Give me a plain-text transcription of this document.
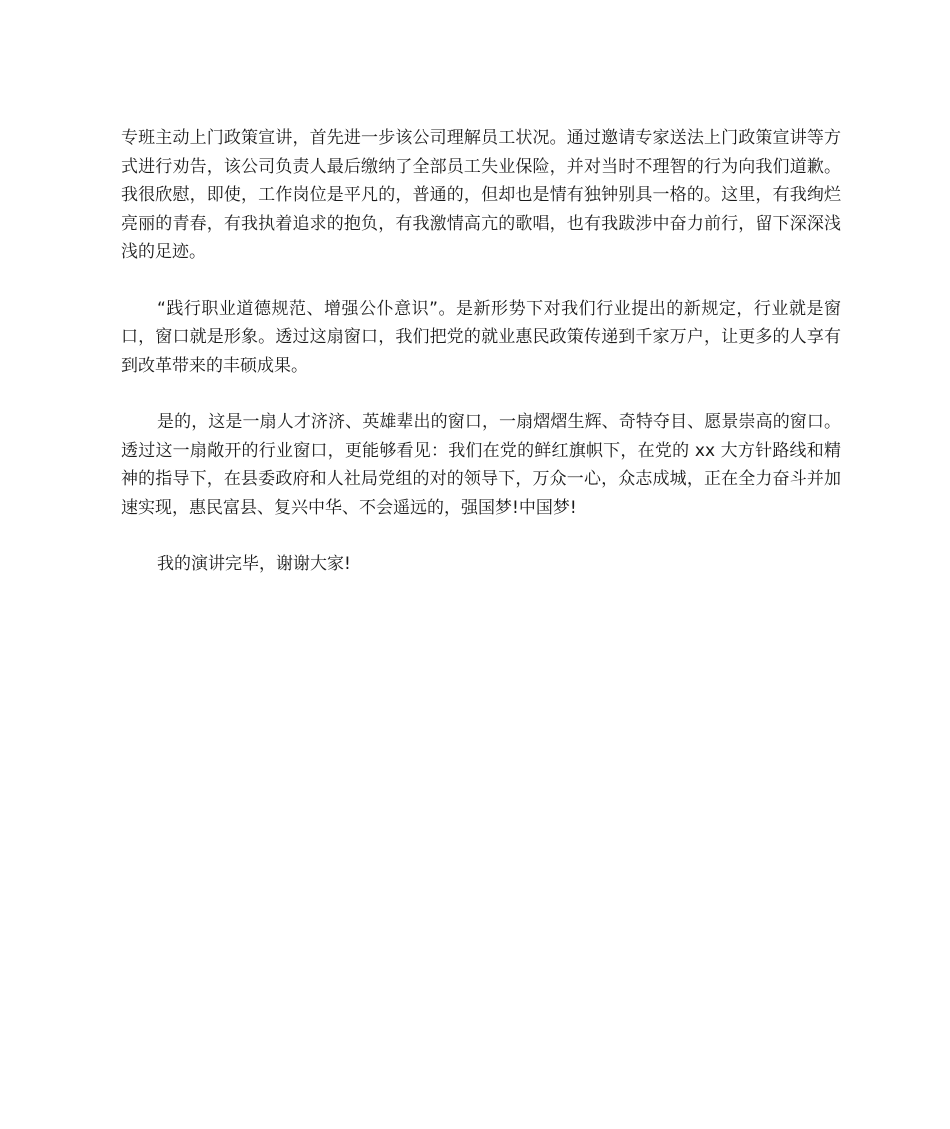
专班主动上门政策宣讲，首先进一步该公司理解员工状况。通过邀请专家送法上门政策宣讲等方式进行劝告，该公司负责人最后缴纳了全部员工失业保险，并对当时不理智的行为向我们道歉。我很欣慰，即使，工作岗位是平凡的，普通的，但却也是情有独钟别具一格的。这里，有我绚烂亮丽的青春，有我执着追求的抱负，有我激情高亢的歌唱，也有我跋涉中奋力前行，留下深深浅浅的足迹。

“践行职业道德规范、增强公仆意识”。是新形势下对我们行业提出的新规定，行业就是窗口，窗口就是形象。透过这扇窗口，我们把党的就业惠民政策传递到千家万户，让更多的人享有到改革带来的丰硕成果。

是的，这是一扇人才济济、英雄辈出的窗口，一扇熠熠生辉、奇特夺目、愿景崇高的窗口。透过这一扇敞开的行业窗口，更能够看见：我们在党的鲜红旗帜下，在党的 xx 大方针路线和精神的指导下，在县委政府和人社局党组的对的领导下，万众一心，众志成城，正在全力奋斗并加速实现，惠民富县、复兴中华、不会遥远的，强国梦!中国梦!

我的演讲完毕，谢谢大家!
